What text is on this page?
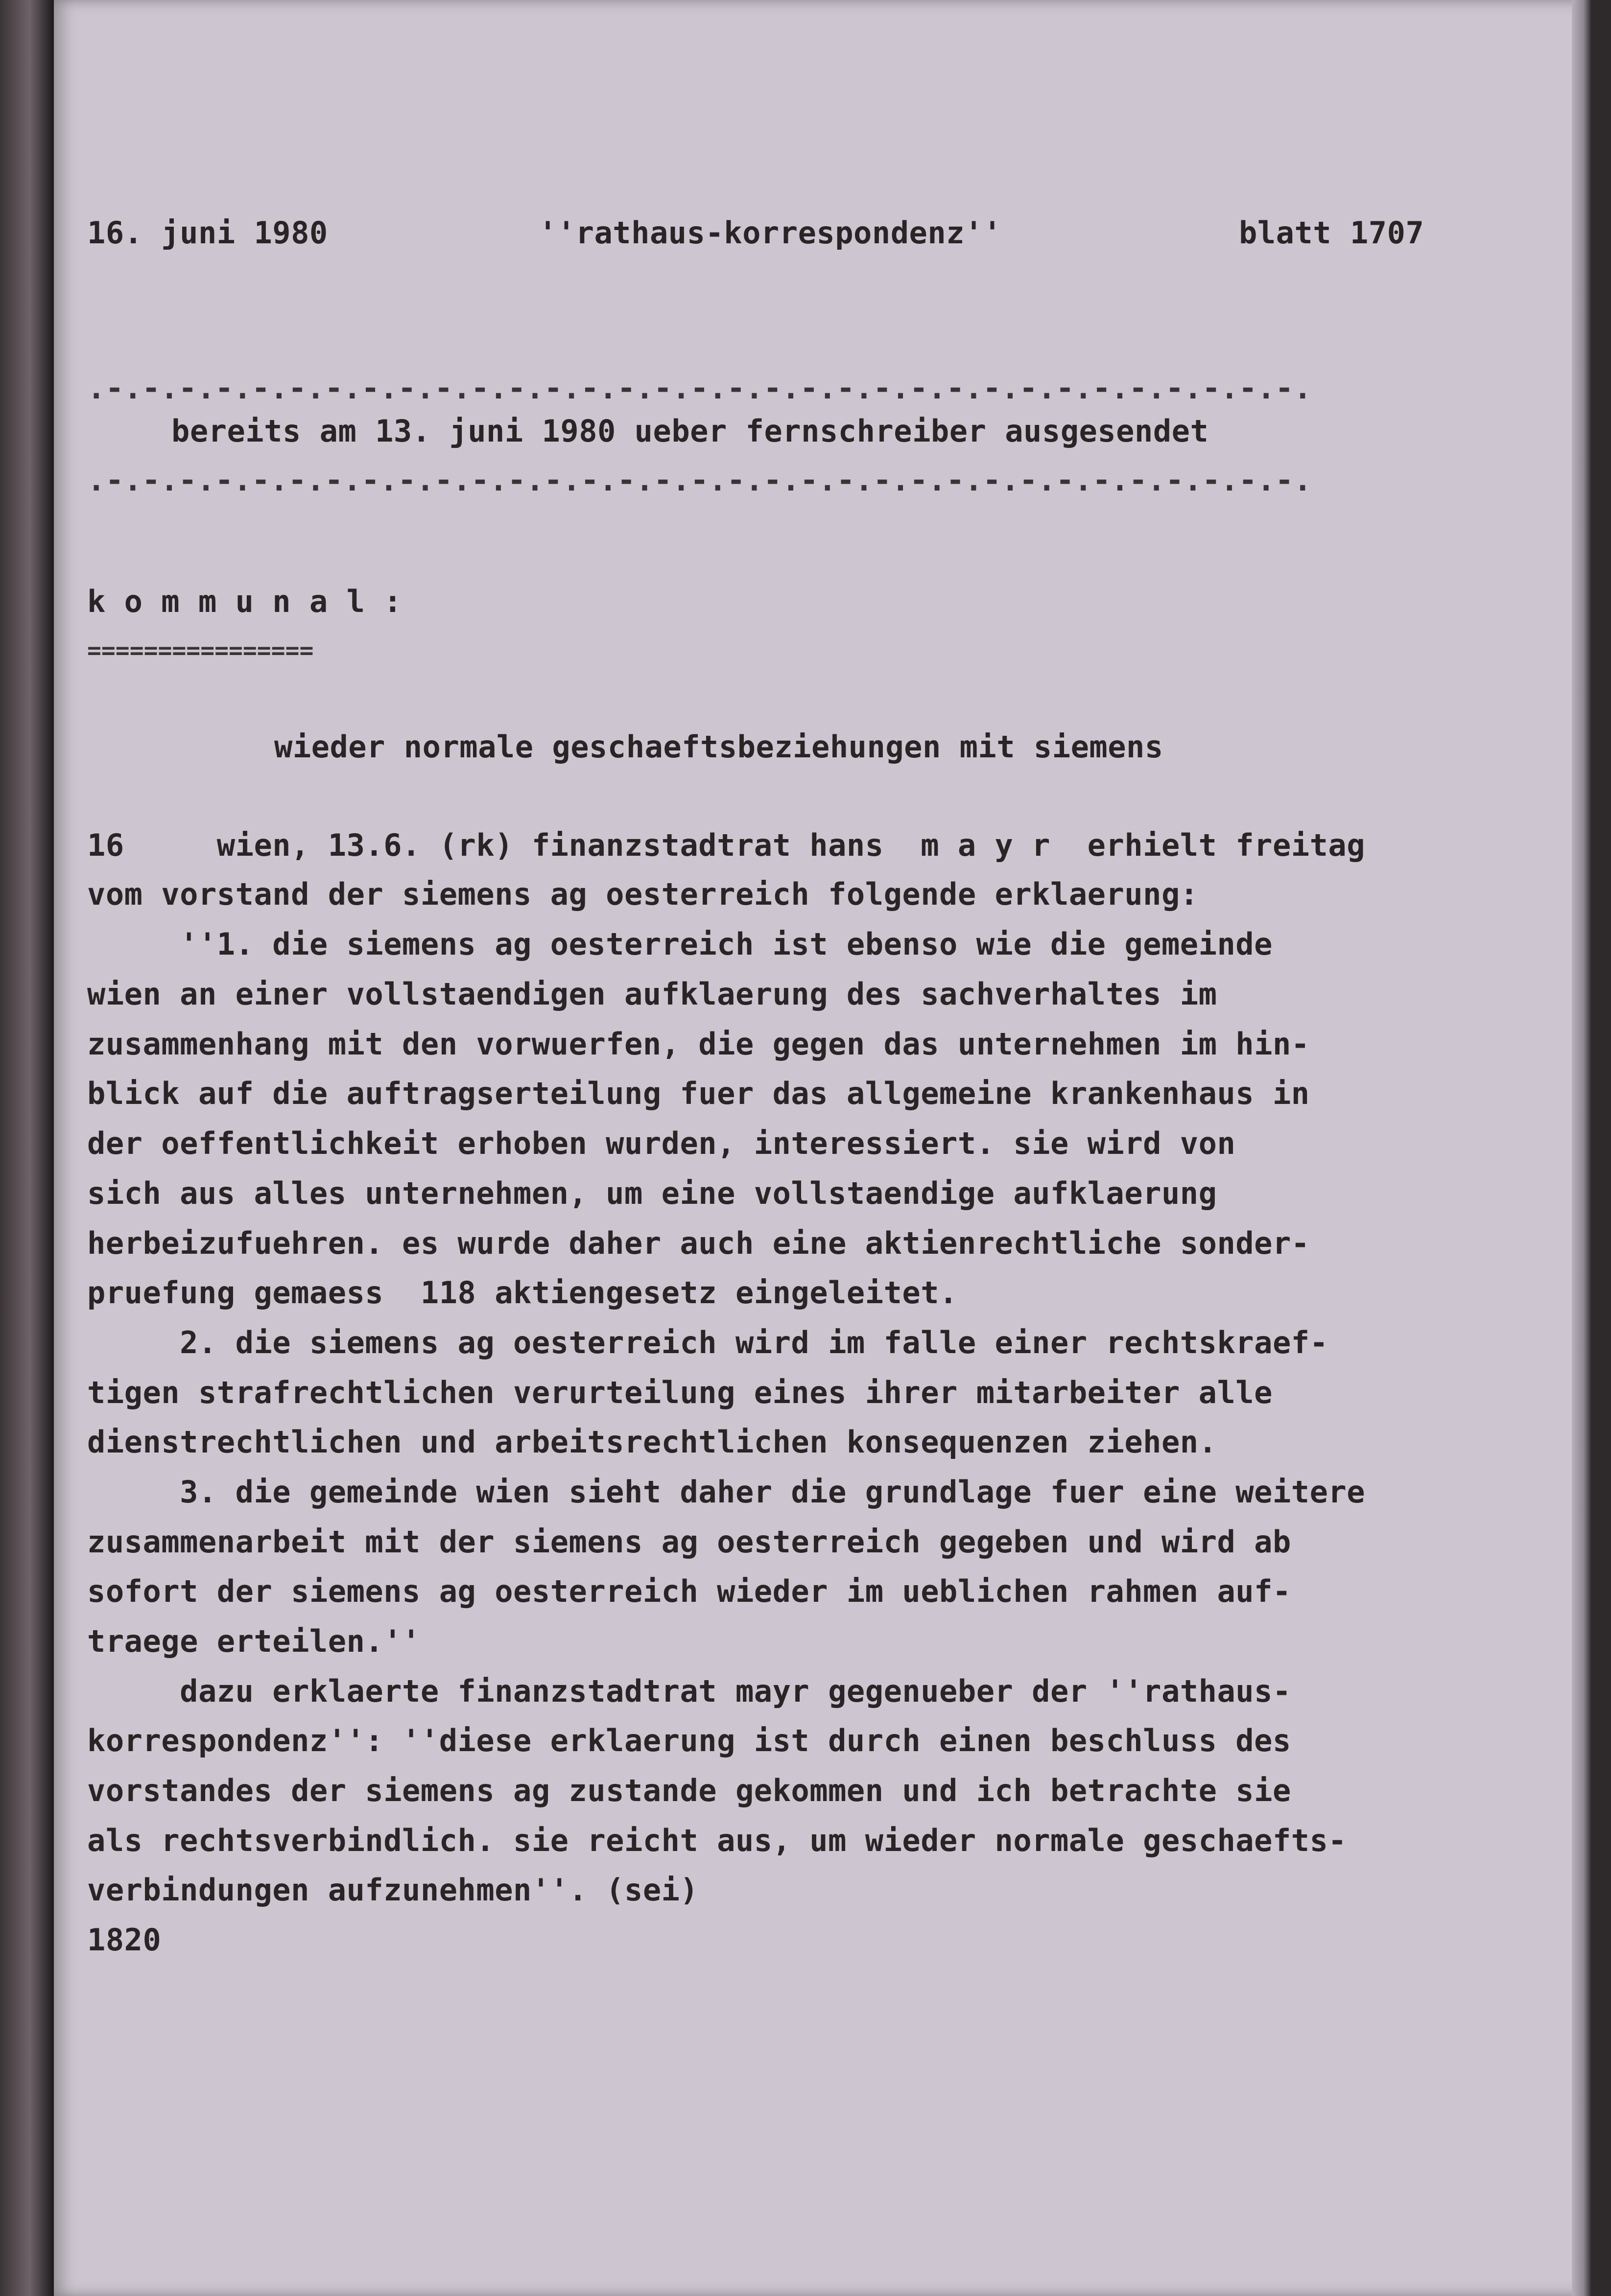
16. juni 1980	''rathaus-korrespondenz''	blatt 1707

.-.-.-.-.-.-.-.-.-.-.-.-.-.-.-.-.-.-.-.-.-.-.-.-.-.-.-.-.-.-.-.-.-.

bereits am 13. juni 1980 ueber fernschreiber ausgesendet

.-.-.-.-.-.-.-.-.-.-.-.-.-.-.-.-.-.-.-.-.-.-.-.-.-.-.-.-.-.-.-.-.-.

k o m m u n a l :

================

wieder normale geschaeftsbeziehungen mit siemens

16     wien, 13.6. (rk) finanzstadtrat hans  m a y r  erhielt freitag

vom vorstand der siemens ag oesterreich folgende erklaerung:

''1. die siemens ag oesterreich ist ebenso wie die gemeinde

wien an einer vollstaendigen aufklaerung des sachverhaltes im

zusammenhang mit den vorwuerfen, die gegen das unternehmen im hin-

blick auf die auftragserteilung fuer das allgemeine krankenhaus in

der oeffentlichkeit erhoben wurden, interessiert. sie wird von

sich aus alles unternehmen, um eine vollstaendige aufklaerung

herbeizufuehren. es wurde daher auch eine aktienrechtliche sonder-

pruefung gemaess  118 aktiengesetz eingeleitet.

2. die siemens ag oesterreich wird im falle einer rechtskraef-

tigen strafrechtlichen verurteilung eines ihrer mitarbeiter alle

dienstrechtlichen und arbeitsrechtlichen konsequenzen ziehen.

3. die gemeinde wien sieht daher die grundlage fuer eine weitere

zusammenarbeit mit der siemens ag oesterreich gegeben und wird ab

sofort der siemens ag oesterreich wieder im ueblichen rahmen auf-

traege erteilen.''

dazu erklaerte finanzstadtrat mayr gegenueber der ''rathaus-

korrespondenz'': ''diese erklaerung ist durch einen beschluss des

vorstandes der siemens ag zustande gekommen und ich betrachte sie

als rechtsverbindlich. sie reicht aus, um wieder normale geschaefts-

verbindungen aufzunehmen''. (sei)

1820
